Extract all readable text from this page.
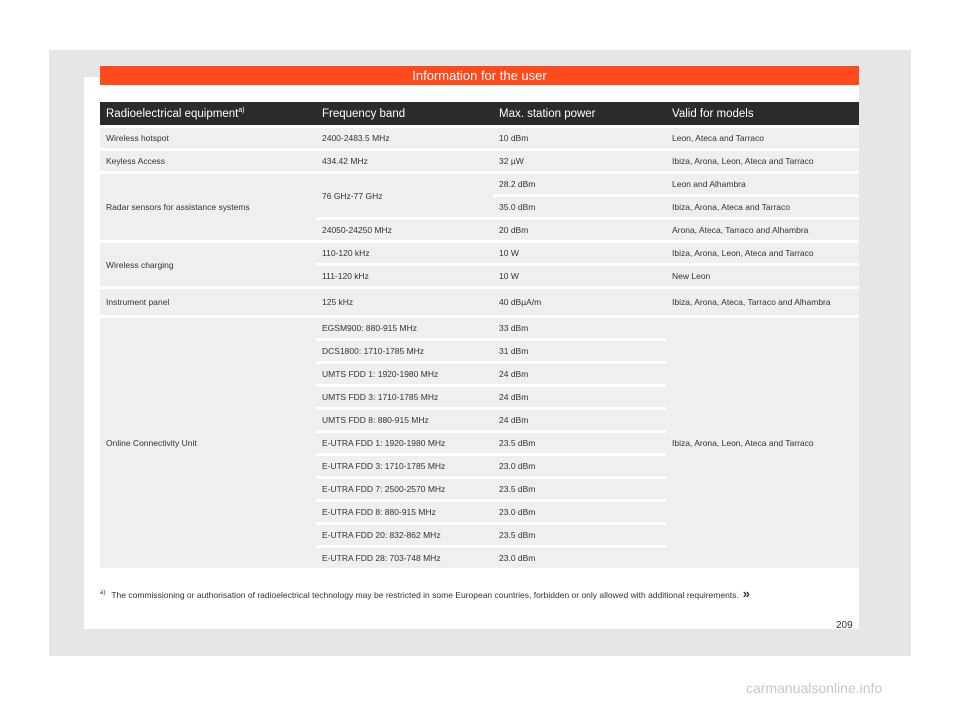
Information for the user
Radioelectrical equipment$^{a)}$	Frequency band	Max. station power	Valid for models
Wireless hotspot	2400-2483.5 MHz	10 dBm	Leon, Ateca and Tarraco
Keyless Access	434.42 MHz	32 µW	Ibiza, Arona, Leon, Ateca and Tarraco
Radar sensors for assistance systems	76 GHz-77 GHz	28.2 dBm	Leon and Alhambra
		35.0 dBm	Ibiza, Arona, Ateca and Tarraco
	24050-24250 MHz	20 dBm	Arona, Ateca, Tarraco and Alhambra
Wireless charging	110-120 kHz	10 W	Ibiza, Arona, Leon, Ateca and Tarraco
	111-120 kHz	10 W	New Leon
Instrument panel	125 kHz	40 dBµA/m	Ibiza, Arona, Ateca, Tarraco and Alhambra
Online Connectivity Unit	EGSM900: 880-915 MHz	33 dBm	Ibiza, Arona, Leon, Ateca and Tarraco
	DCS1800: 1710-1785 MHz	31 dBm	
	UMTS FDD 1: 1920-1980 MHz	24 dBm	
	UMTS FDD 3: 1710-1785 MHz	24 dBm	
	UMTS FDD 8: 880-915 MHz	24 dBm	
	E-UTRA FDD 1: 1920-1980 MHz	23.5 dBm	
	E-UTRA FDD 3: 1710-1785 MHz	23.0 dBm	
	E-UTRA FDD 7: 2500-2570 MHz	23.5 dBm	
	E-UTRA FDD 8: 880-915 MHz	23.0 dBm	
	E-UTRA FDD 20: 832-862 MHz	23.5 dBm	
	E-UTRA FDD 28: 703-748 MHz	23.0 dBm	
$^{a)}$ The commissioning or authorisation of radioelectrical technology may be restricted in some European countries, forbidden or only allowed with additional requirements. »
209
carmanualsonline.info
